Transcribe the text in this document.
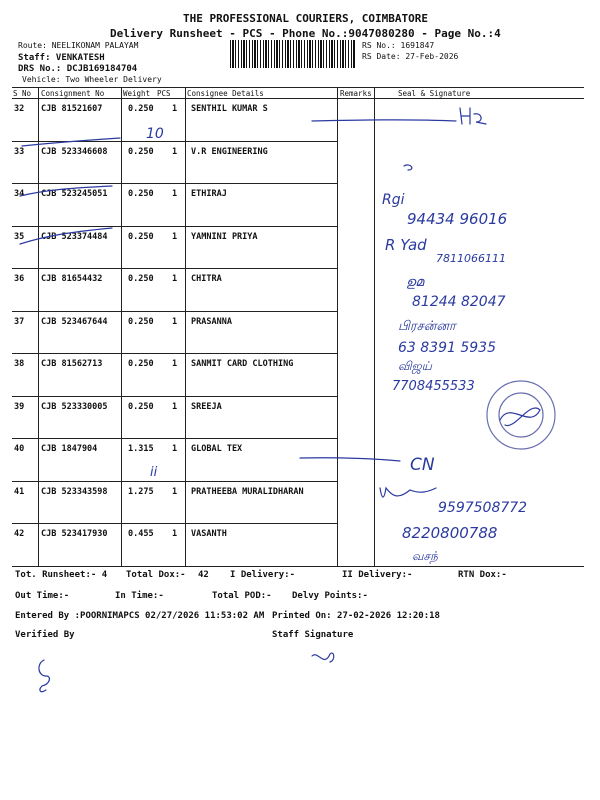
THE PROFESSIONAL COURIERS, COIMBATORE
Delivery Runsheet - PCS - Phone No.:9047080280 - Page No.:4
Route: NEELIKONAM PALAYAM
Staff: VENKATESH
DRS No.: DCJB169184704
Vehicle: Two Wheeler Delivery
RS No.: 1691847
RS Date: 27-Feb-2026
S No Consignment No	Weight PCS Consignee Details	Remarks	Seal & Signature
32 CJB 81521607	0.250 1 SENTHIL KUMAR S
33 CJB 523346608 0.250 1 V.R ENGINEERING
34 CJB 523245051 0.250 1 ETHIRAJ
35 CJB 523374484 0.250 1 YAMNINI PRIYA
36 CJB 81654432	0.250 1 CHITRA
37 CJB 523467644 0.250 1 PRASANNA
38 CJB 81562713	0.250 1 SANMIT CARD CLOTHING
39 CJB 523330005 0.250 1 SREEJA
40 CJB 1847904	1.315 1 GLOBAL TEX
41 CJB 523343598 1.275 1 PRATHEEBA MURALIDHARAN
42 CJB 523417930 0.455 1 VASANTH
Tot. Runsheet:- 4 Total Dox:- 42 I Delivery:-	II Delivery:-	RTN Dox:-
Out Time:-	In Time:-	Total POD:- Delvy Points:-
Entered By :POORNIMAPCS 02/27/2026 11:53:02 AM Printed On: 27-02-2026 12:20:18
Verified By	Staff Signature
10
Rgi
94434 96016
R Yad
7811066111
ഉമ
81244 82047
பிரசன்னா
63 8391 5935
விஜய்
7708455533
CN
ii
9597508772
8220800788
வசந்
